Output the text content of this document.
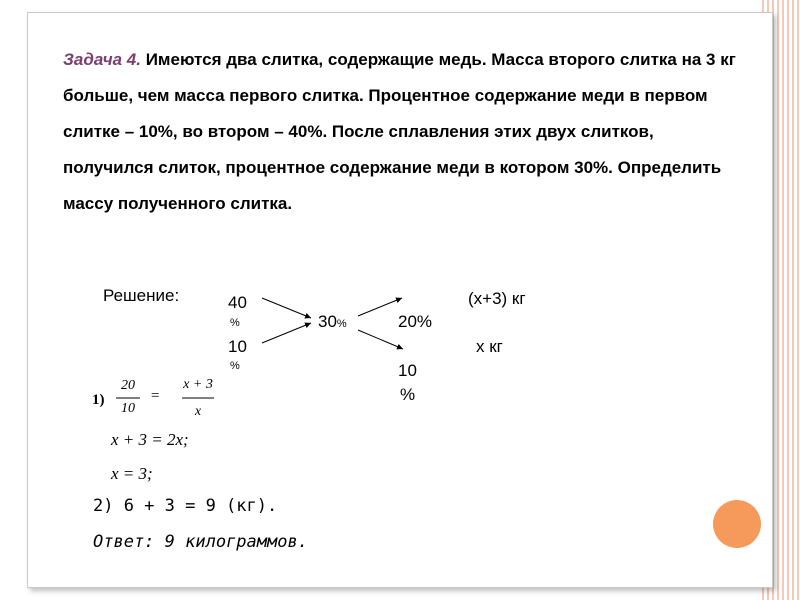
Задача 4. Имеются два слитка, содержащие медь. Масса второго слитка на 3 кг больше, чем масса первого слитка. Процентное содержание меди в первом слитке – 10%, во втором – 40%. После сплавления этих двух слитков, получился слиток, процентное содержание меди в котором 30%. Определить массу полученного слитка.
Решение:	40
%
10
%
30%	20%
10
%
(x+3) кг
x кг
1)
20
10
=
x + 3
x
x + 3 = 2x;
x = 3;
2) 6 + 3 = 9 (кг).
Ответ: 9 килограммов.
